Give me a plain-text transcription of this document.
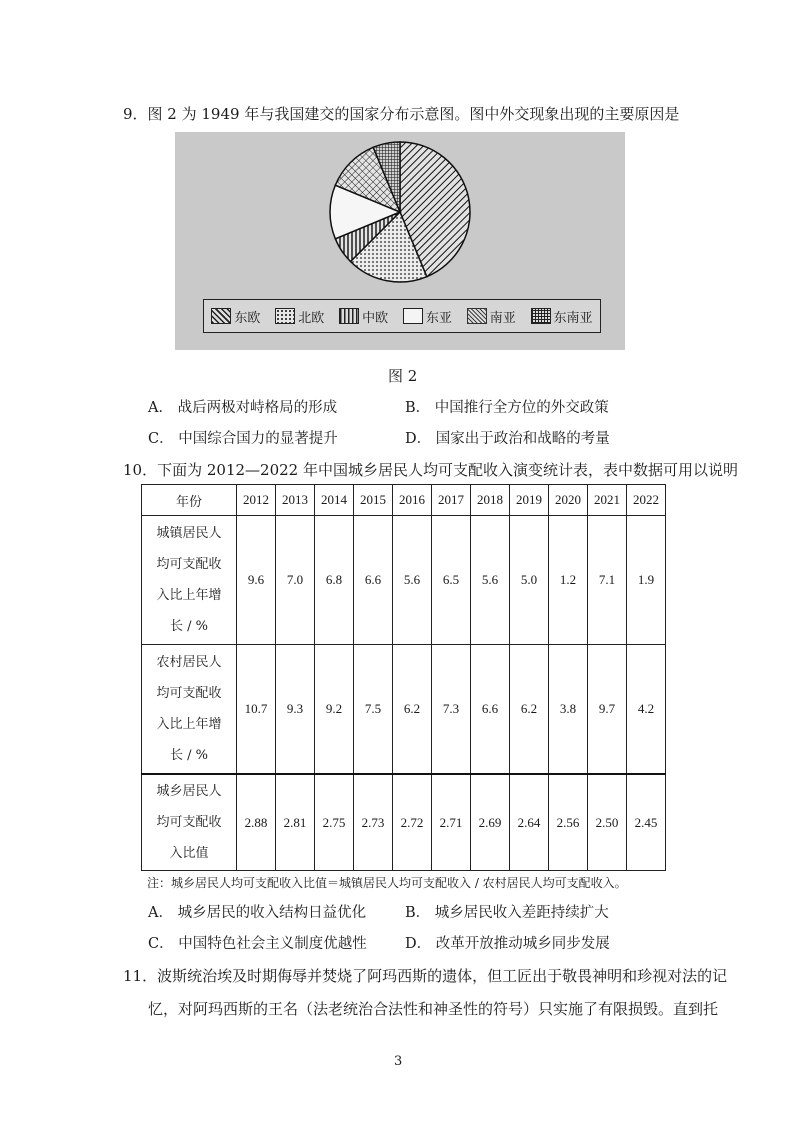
9．图 2 为 1949 年与我国建交的国家分布示意图。图中外交现象出现的主要原因是
东欧	北欧	中欧	东亚	南亚	东南亚
图 2
A． 战后两极对峙格局的形成	B． 中国推行全方位的外交政策
C． 中国综合国力的显著提升	D． 国家出于政治和战略的考量
10．下面为 2012—2022 年中国城乡居民人均可支配收入演变统计表，表中数据可用以说明
年份	2012	2013	2014	2015	2016	2017	2018	2019	2020	2021	2022

城镇居民人
均可支配收
入比上年增
长 / %	9.6	7.0	6.8	6.6	5.6	6.5	5.6	5.0	1.2	7.1	1.9

农村居民人
均可支配收
入比上年增
长 / %	10.7	9.3	9.2	7.5	6.2	7.3	6.6	6.2	3.8	9.7	4.2

城乡居民人
均可支配收
入比值	2.88	2.81	2.75	2.73	2.72	2.71	2.69	2.64	2.56	2.50	2.45
注：城乡居民人均可支配收入比值＝城镇居民人均可支配收入 / 农村居民人均可支配收入。
A． 城乡居民的收入结构日益优化	B． 城乡居民收入差距持续扩大
C． 中国特色社会主义制度优越性	D． 改革开放推动城乡同步发展
11．波斯统治埃及时期侮辱并焚烧了阿玛西斯的遗体，但工匠出于敬畏神明和珍视对法的记
忆，对阿玛西斯的王名（法老统治合法性和神圣性的符号）只实施了有限损毁。直到托
3
